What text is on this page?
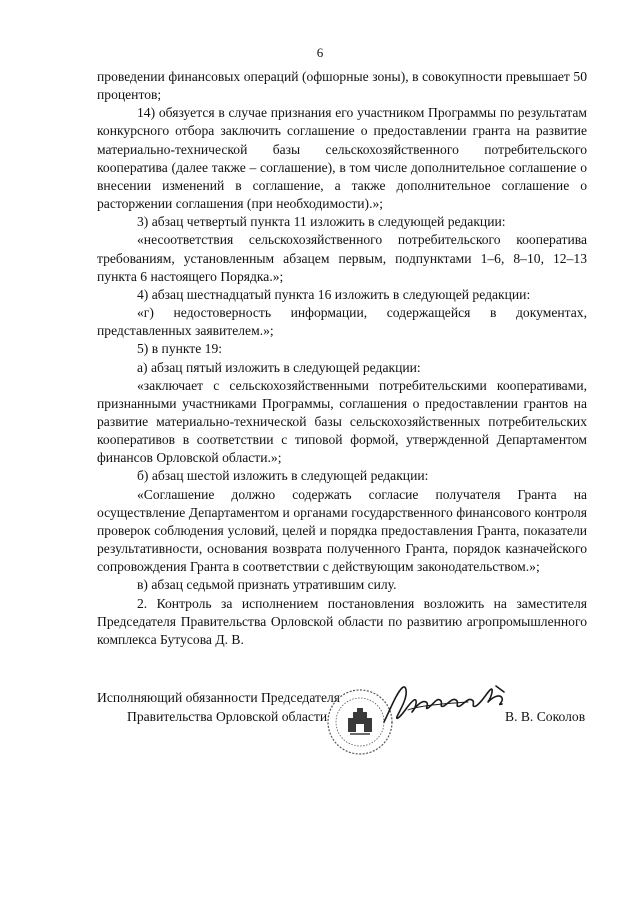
6

проведении финансовых операций (офшорные зоны), в совокупности превышает 50 процентов;

14) обязуется в случае признания его участником Программы по результатам конкурсного отбора заключить соглашение о предоставлении гранта на развитие материально-технической базы сельскохозяйственного потребительского кооператива (далее также – соглашение), в том числе дополнительное соглашение о внесении изменений в соглашение, а также дополнительное соглашение о расторжении соглашения (при необходимости).»;

3) абзац четвертый пункта 11 изложить в следующей редакции:

«несоответствия сельскохозяйственного потребительского кооператива требованиям, установленным абзацем первым, подпунктами 1–6, 8–10, 12–13 пункта 6 настоящего Порядка.»;

4) абзац шестнадцатый пункта 16 изложить в следующей редакции:

«г) недостоверность информации, содержащейся в документах, представленных заявителем.»;

5) в пункте 19:

а) абзац пятый изложить в следующей редакции:

«заключает с сельскохозяйственными потребительскими кооперативами, признанными участниками Программы, соглашения о предоставлении грантов на развитие материально-технической базы сельскохозяйственных потребительских кооперативов в соответствии с типовой формой, утвержденной Департаментом финансов Орловской области.»;

б) абзац шестой изложить в следующей редакции:

«Соглашение должно содержать согласие получателя Гранта на осуществление Департаментом и органами государственного финансового контроля проверок соблюдения условий, целей и порядка предоставления Гранта, показатели результативности, основания возврата полученного Гранта, порядок казначейского сопровождения Гранта в соответствии с действующим законодательством.»;

в) абзац седьмой признать утратившим силу.

2. Контроль за исполнением постановления возложить на заместителя Председателя Правительства Орловской области по развитию агропромышленного комплекса Бутусова Д. В.

Исполняющий обязанности Председателя
Правительства Орловской области	В. В. Соколов
